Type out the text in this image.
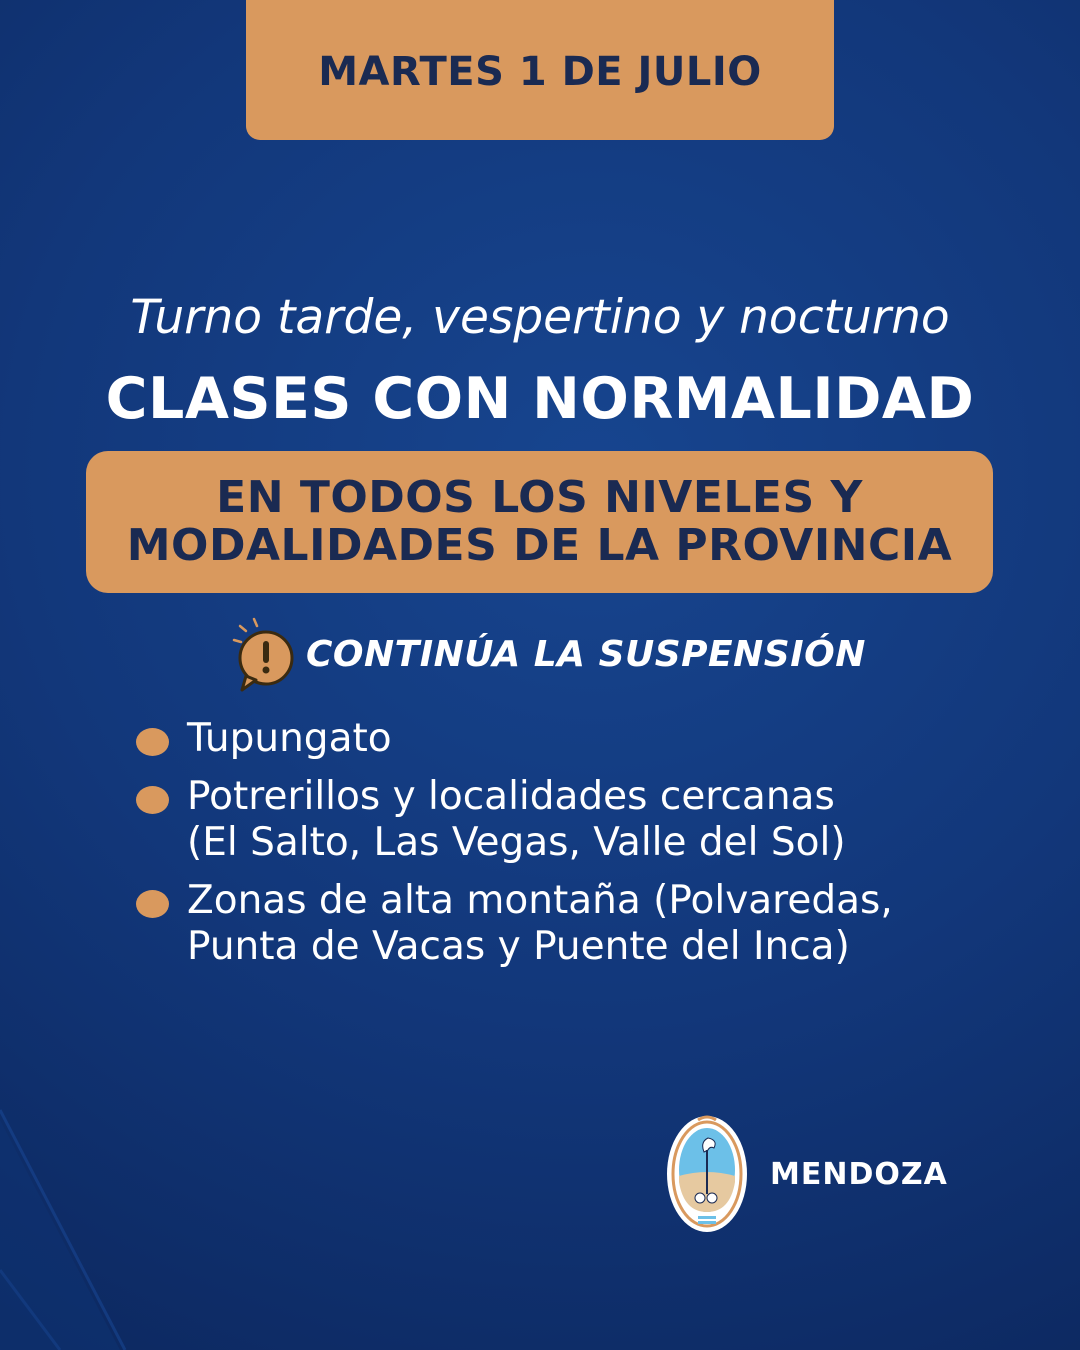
MARTES 1 DE JULIO
Turno tarde, vespertino y nocturno
CLASES CON NORMALIDAD
EN TODOS LOS NIVELES Y
MODALIDADES DE LA PROVINCIA
CONTINÚA LA SUSPENSIÓN
Tupungato
Potrerillos y localidades cercanas
(El Salto, Las Vegas, Valle del Sol)
Zonas de alta montaña (Polvaredas,
Punta de Vacas y Puente del Inca)
MENDOZA
